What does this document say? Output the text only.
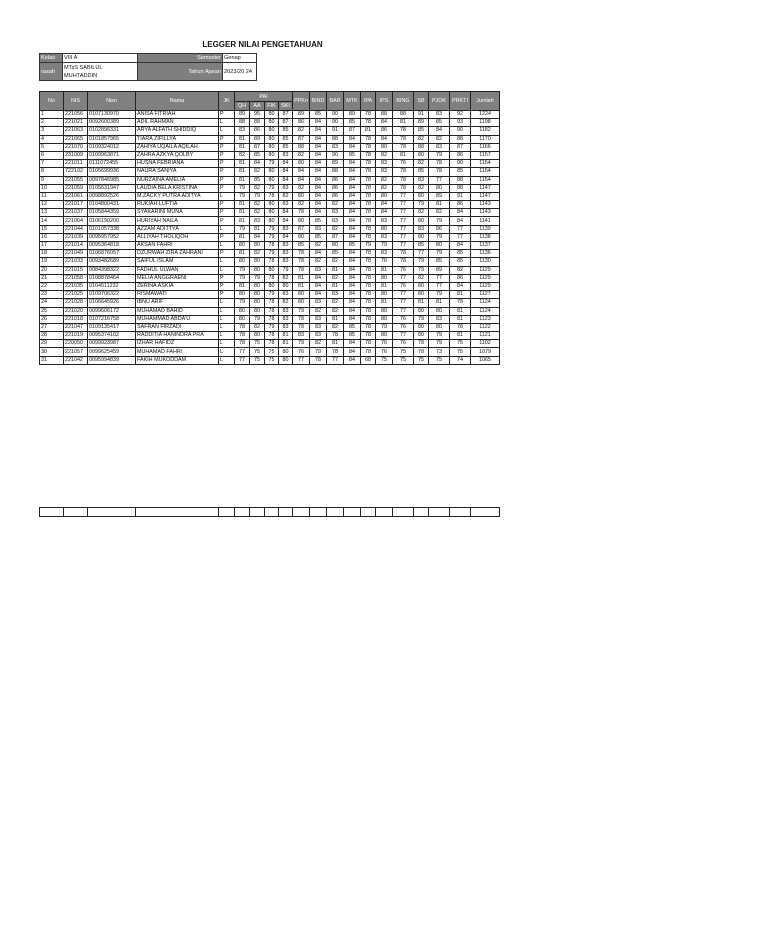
LEGGER NILAI PENGETAHUAN
Kelas	VIII A	Semester	Genap
rasah	MTsS SABILUL MUHTADDIN	Tahun Ajaran	2023/20 24
No	NIS	Nisn	Nama	JK	PAI				PPKn	BIND	BAR	MTK	IPA	IPS	BING	SB	PJOK	PRKTI	Jumlah
					QH	AA	FIK	SKI											
1	221056	0107130970	ANISA FITRIAH	P	89	95	80	87	89	85	90	89	78	88	88	91	83	92	1224
2	221021	0092600389	ADIL RAHMAN	L	88	88	80	87	86	84	90	85	78	84	81	89	85	93	1198
3	221063	0102896331	ARYA ALFATH SHIDDIQ	L	83	86	80	85	82	84	91	87	81	86	78	85	84	90	1182
4	221065	0101857965	TIARA ZIFILLYA	P	81	89	80	85	87	84	88	84	78	84	78	82	82	88	1170
5	221070	0109324012	ZAHIYA UQAILA AQILAH	P	81	87	80	85	88	84	83	84	78	80	78	88	83	87	1166
6	231009	0109963871	ZAHRA AZKYA QOLBY	P	82	85	80	83	82	84	90	85	78	82	81	80	79	86	1157
7	221011	0111072455	HUSNA FEBRIANA	P	81	84	79	84	80	84	89	84	78	83	76	82	78	90	1154
8	722102	0105699936	NAURA SANIYA	P	81	82	80	84	84	84	88	84	78	83	78	85	78	85	1154
9	221055	0097846985	NURZAINA AMELIA	P	81	85	80	84	84	84	86	84	78	82	78	83	77	88	1154
10	221059	0105631947	LAUDIA BELA KRISTINA	P	79	82	79	83	82	84	86	84	78	82	78	82	80	88	1147
11	221061	0098892526	M.ZACKY PUTRA ADITYA	L	79	79	78	82	80	84	86	84	78	80	77	80	89	91	1147
12	221017	0104800431	RUKIAH LUFTIA	P	81	82	80	83	82	84	82	84	78	84	77	79	81	86	1143
13	221037	0105844359	SYAKARINI MUNA	P	81	82	80	84	78	84	83	84	78	84	77	82	82	84	1143
14	221064	0106190200	HURIYAH NAILA	P	81	83	80	84	80	85	83	84	78	83	77	80	79	84	1141
15	221044	0101057338	AZZAM ADITTYA	L	79	81	79	83	87	83	82	84	78	80	77	83	86	77	1139
16	221039	0095957952	ALLIYAH THOLIQOH	P	81	84	79	84	80	85	87	84	78	83	77	80	79	77	1138
17	221014	0095364818	AKSAN FAHRI	L	80	80	78	83	85	82	80	85	79	79	77	85	80	84	1137
18	221049	0106876057	DZURWAH ZIRA ZAHRANI	P	81	82	79	83	78	84	85	84	78	83	78	77	79	85	1136
19	221033	0093482689	SAIFUL ISLAM	L	80	80	78	83	78	82	82	84	78	76	78	79	85	85	1130
20	221015	0084398322	FADHUL ULWAN	L	79	80	80	79	78	83	81	84	78	81	76	79	89	82	1129
21	221058	0108878464	MELIA ANGGRAENI	P	79	79	78	82	81	84	82	84	78	80	77	82	77	86	1129
22	221035	0104511232	ZERINA ASKIA	P	81	80	80	80	81	84	81	84	78	81	76	80	77	84	1129
23	221025	0109706322	RISMAWATI	P	80	80	79	83	80	84	83	84	78	80	77	80	79	81	1127
24	221028	0106645926	IBNU ARIF	L	79	80	78	82	80	83	82	84	78	81	77	81	81	78	1124
25	221020	0099606172	MUHAMAD BAHID	L	80	80	78	83	79	82	82	84	78	80	77	80	80	81	1124
26	221018	0107216758	MUHAMMAD ABDA'U	L	80	79	78	83	78	83	81	84	78	80	76	79	83	81	1123
27	221047	0109135417	SAFRAN FIRZADI	L	78	82	79	83	78	83	82	85	78	79	76	80	80	78	1122
28	221019	0095374102	RADDITIA HANINDRA PRA	L	78	80	78	81	83	83	78	85	78	80	77	80	79	81	1121
29	220050	0099923987	IZHAR HAFIDZ	L	78	75	78	81	79	82	81	84	78	76	76	78	79	75	1102
30	221057	0099625459	MUHAMAD FAHRI	L	77	75	75	80	76	79	78	84	78	76	75	78	73	75	1079
31	221042	0095994839	FAKIH MUKODDAM	L	77	75	75	80	77	78	77	84	68	75	75	75	75	74	1065
